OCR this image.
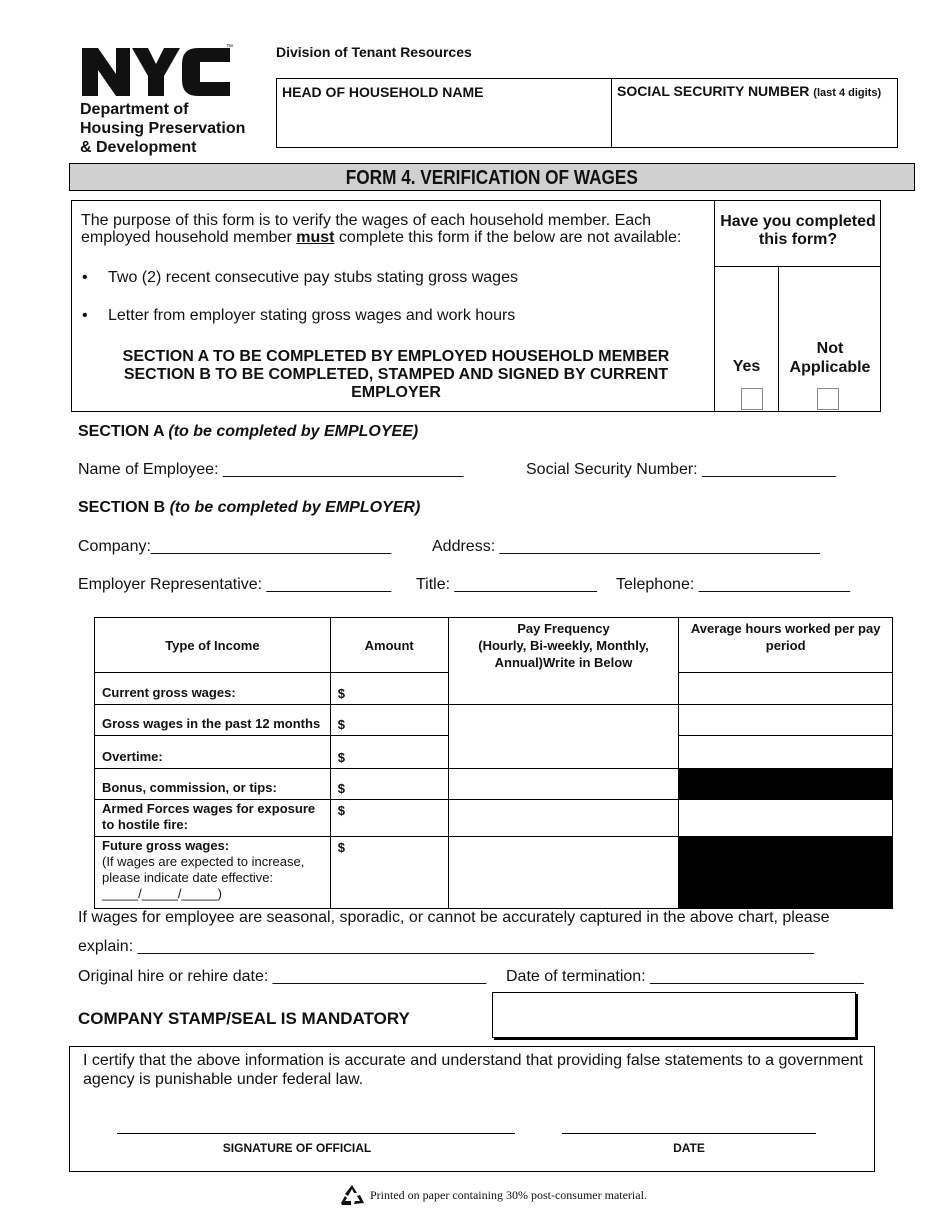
™
Department of
Housing Preservation
& Development
Division of Tenant Resources
HEAD OF HOUSEHOLD NAME	SOCIAL SECURITY NUMBER (last 4 digits)
FORM 4. VERIFICATION OF WAGES
The purpose of this form is to verify the wages of each household member. Each employed household member must complete this form if the below are not available:
• Two (2) recent consecutive pay stubs stating gross wages
• Letter from employer stating gross wages and work hours
SECTION A TO BE COMPLETED BY EMPLOYED HOUSEHOLD MEMBER
SECTION B TO BE COMPLETED, STAMPED AND SIGNED BY CURRENT EMPLOYER
Have you completed this form?
Yes
Not Applicable
SECTION A (to be completed by EMPLOYEE)
Name of Employee: ___________________________	Social Security Number: _______________
SECTION B (to be completed by EMPLOYER)
Company:___________________________	Address: ____________________________________
Employer Representative: ______________ Title: ________________ Telephone: _________________
Type of Income	Amount	Pay Frequency
(Hourly, Bi-weekly, Monthly,
Annual)Write in Below	Average hours worked per pay period
Current gross wages:	$		
Gross wages in the past 12 months	$		
Overtime:	$		
Bonus, commission, or tips:	$		
Armed Forces wages for exposure to hostile fire:	$		

Future gross wages:
(If wages are expected to increase, please indicate date effective: _____/_____/_____)	$		
If wages for employee are seasonal, sporadic, or cannot be accurately captured in the above chart, please
explain: ____________________________________________________________________________
Original hire or rehire date: ________________________ Date of termination: ________________________
COMPANY STAMP/SEAL IS MANDATORY
I certify that the above information is accurate and understand that providing false statements to a government agency is punishable under federal law.
SIGNATURE OF OFFICIAL	DATE
Printed on paper containing 30% post-consumer material.
